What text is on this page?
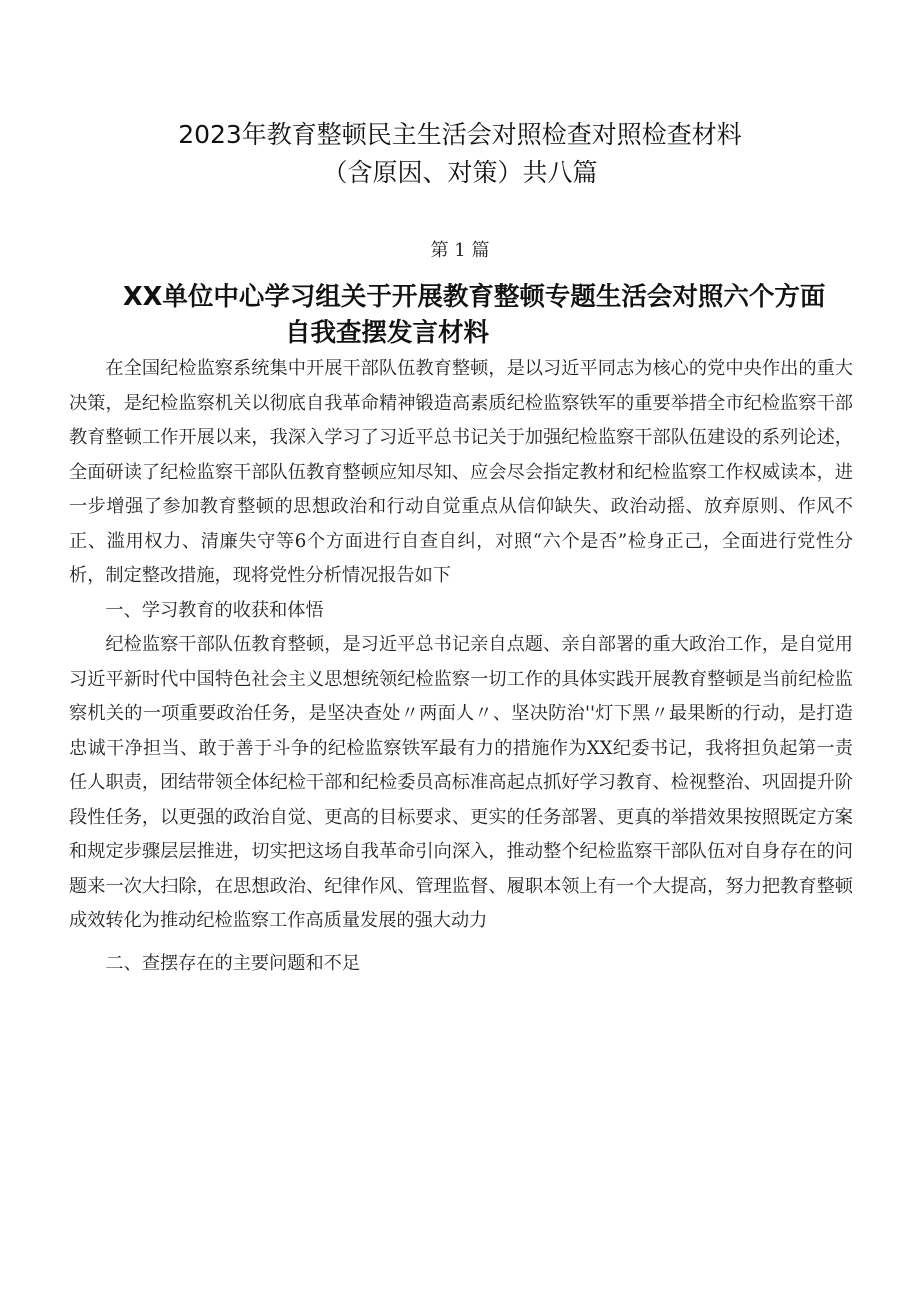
2023年教育整顿民主生活会对照检查对照检查材料
（含原因、对策）共八篇
第 1 篇
XX单位中心学习组关于开展教育整顿专题生活会对照六个方面
自我查摆发言材料

在全国纪检监察系统集中开展干部队伍教育整顿，是以习近平同志为核心的党中央作出的重大决策，是纪检监察机关以彻底自我革命精神锻造高素质纪检监察铁军的重要举措全市纪检监察干部教育整顿工作开展以来，我深入学习了习近平总书记关于加强纪检监察干部队伍建设的系列论述，全面研读了纪检监察干部队伍教育整顿应知尽知、应会尽会指定教材和纪检监察工作权威读本，进一步增强了参加教育整顿的思想政治和行动自觉重点从信仰缺失、政治动摇、放弃原则、作风不正、滥用权力、清廉失守等6个方面进行自查自纠，对照“六个是否”检身正己，全面进行党性分析，制定整改措施，现将党性分析情况报告如下

一、学习教育的收获和体悟

纪检监察干部队伍教育整顿，是习近平总书记亲自点题、亲自部署的重大政治工作，是自觉用习近平新时代中国特色社会主义思想统领纪检监察一切工作的具体实践开展教育整顿是当前纪检监察机关的一项重要政治任务，是坚决查处〃两面人〃、坚决防治''灯下黑〃最果断的行动，是打造忠诚干净担当、敢于善于斗争的纪检监察铁军最有力的措施作为XX纪委书记，我将担负起第一责任人职责，团结带领全体纪检干部和纪检委员高标准高起点抓好学习教育、检视整治、巩固提升阶段性任务，以更强的政治自觉、更高的目标要求、更实的任务部署、更真的举措效果按照既定方案和规定步骤层层推进，切实把这场自我革命引向深入，推动整个纪检监察干部队伍对自身存在的问题来一次大扫除，在思想政治、纪律作风、管理监督、履职本领上有一个大提高，努力把教育整顿成效转化为推动纪检监察工作高质量发展的强大动力

二、查摆存在的主要问题和不足
